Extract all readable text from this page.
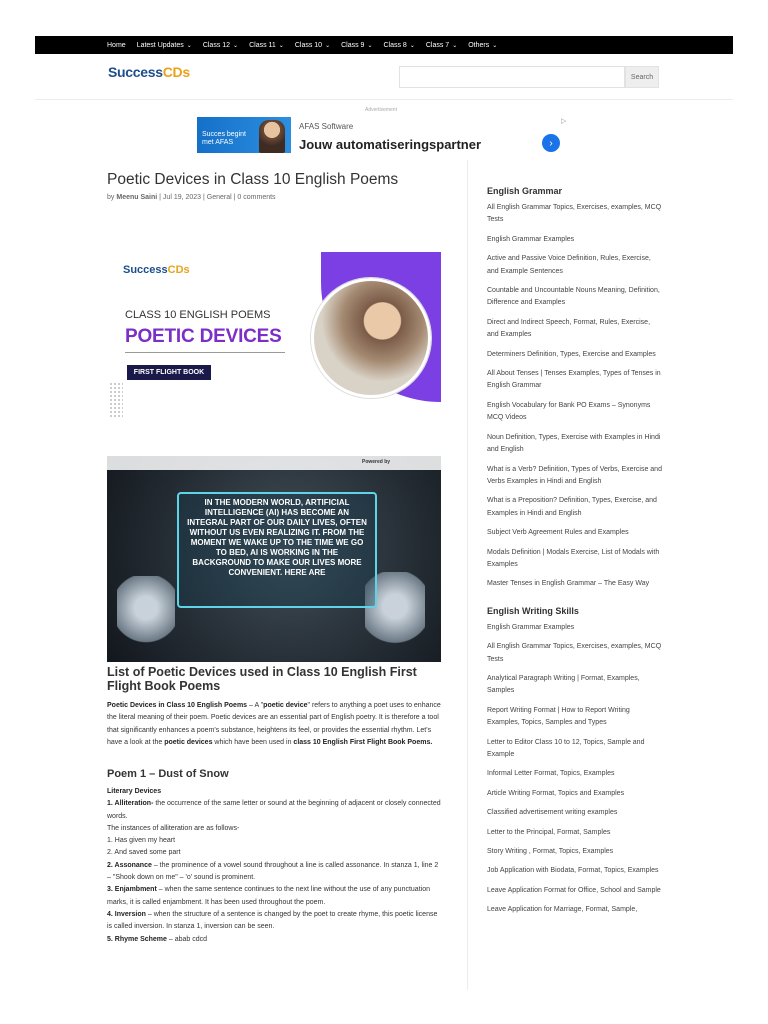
Home Latest Updates ⌄ Class 12 ⌄ Class 11 ⌄ Class 10 ⌄ Class 9 ⌄ Class 8 ⌄ Class 7 ⌄ Others ⌄
SuccessCDs	Search
Advertisement
Succes begint
met AFAS
AFAS Software
Jouw automatiseringspartner	›
▷
Poetic Devices in Class 10 English Poems
by Meenu Saini | Jul 19, 2023 | General | 0 comments
SuccessCDs
CLASS 10 ENGLISH POEMS
POETIC DEVICES
FIRST FLIGHT BOOK
Powered by
IN THE MODERN WORLD, ARTIFICIAL INTELLIGENCE (AI) HAS BECOME AN INTEGRAL PART OF OUR DAILY LIVES, OFTEN WITHOUT US EVEN REALIZING IT. FROM THE MOMENT WE WAKE UP TO THE TIME WE GO TO BED, AI IS WORKING IN THE BACKGROUND TO MAKE OUR LIVES MORE CONVENIENT. HERE ARE
List of Poetic Devices used in Class 10 English First Flight Book Poems

Poetic Devices in Class 10 English Poems – A "poetic device" refers to anything a poet uses to enhance the literal meaning of their poem. Poetic devices are an essential part of English poetry. It is therefore a tool that significantly enhances a poem's substance, heightens its feel, or provides the essential rhythm. Let's have a look at the poetic devices which have been used in class 10 English First Flight Book Poems.

Poem 1 – Dust of Snow
Literary Devices
1. Alliteration- the occurrence of the same letter or sound at the beginning of adjacent or closely connected words.
The instances of alliteration are as follows-
1. Has given my heart
2. And saved some part
2. Assonance – the prominence of a vowel sound throughout a line is called assonance. In stanza 1, line 2 – "Shook down on me" – 'o' sound is prominent.
3. Enjambment – when the same sentence continues to the next line without the use of any punctuation marks, it is called enjambment. It has been used throughout the poem.
4. Inversion – when the structure of a sentence is changed by the poet to create rhyme, this poetic license is called inversion. In stanza 1, inversion can be seen.
5. Rhyme Scheme – abab cdcd
English Grammar
All English Grammar Topics, Exercises, examples, MCQ Tests
English Grammar Examples
Active and Passive Voice Definition, Rules, Exercise, and Example Sentences
Countable and Uncountable Nouns Meaning, Definition, Difference and Examples
Direct and Indirect Speech, Format, Rules, Exercise, and Examples
Determiners Definition, Types, Exercise and Examples
All About Tenses | Tenses Examples, Types of Tenses in English Grammar
English Vocabulary for Bank PO Exams – Synonyms MCQ Videos
Noun Definition, Types, Exercise with Examples in Hindi and English
What is a Verb? Definition, Types of Verbs, Exercise and Verbs Examples in Hindi and English
What is a Preposition? Definition, Types, Exercise, and Examples in Hindi and English
Subject Verb Agreement Rules and Examples
Modals Definition | Modals Exercise, List of Modals with Examples
Master Tenses in English Grammar – The Easy Way
English Writing Skills
English Grammar Examples
All English Grammar Topics, Exercises, examples, MCQ Tests
Analytical Paragraph Writing | Format, Examples, Samples
Report Writing Format | How to Report Writing Examples, Topics, Samples and Types
Letter to Editor Class 10 to 12, Topics, Sample and Example
Informal Letter Format, Topics, Examples
Article Writing Format, Topics and Examples
Classified advertisement writing examples
Letter to the Principal, Format, Samples
Story Writing , Format, Topics, Examples
Job Application with Biodata, Format, Topics, Examples
Leave Application Format for Office, School and Sample
Leave Application for Marriage, Format, Sample,
